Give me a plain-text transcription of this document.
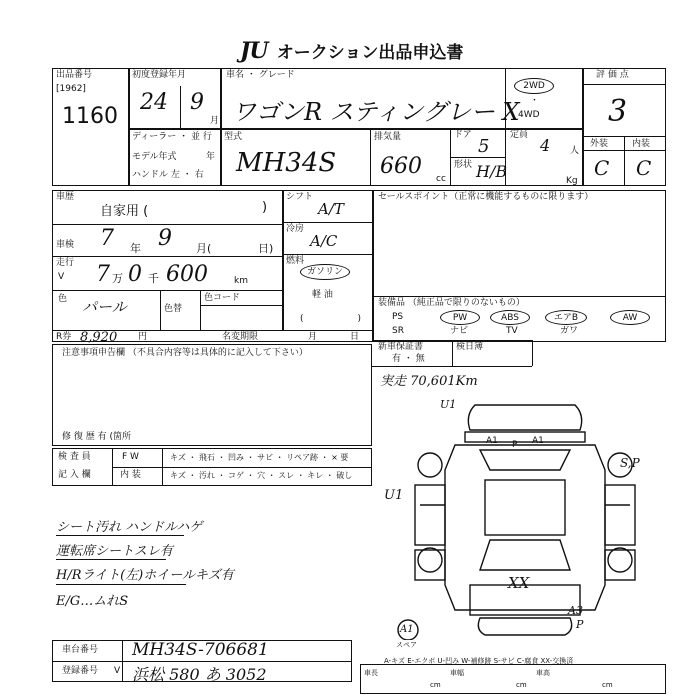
JU オークション出品申込書
出品番号
[1962]
1160
初度登録年月
24 9
月
車名 ・ グレード
ワゴンR スティングレー X
2WD
・
4WD
評 価 点
3
ディーラー ・ 並 行
モデル年式	年
ハンドル 左 ・ 右
型式
MH34S
排気量
660 cc
ドア
5
形状 H/B
定員
4 人
Kg
外装	内装
C C
車歴
自家用 (	)
シフト
A/T
セールスポイント（正常に機能するものに限ります）
車検 7 年 9 月(	日)
冷房
A/C
走行
V 7 万 0 千 600	km
燃料
ガソリン
軽 油
(　　　　　　)
色 パール	色替
色コード	装備品 （純正品で限りのないもの）
PS	PW	ABS	エアB	AW
SR	ナビ	TV	ガワ
R券 8,920 円	名変期限	月	日
新車保証書
有 ・ 無
検日簿
注意事項申告欄 （不具合内容等は具体的に記入して下さい）
修 復 歴 有 (箇所
実走 70,601Km
検 査 員
記 入 欄
F W
内 装
キズ ・ 飛石 ・ 凹み ・ サビ ・ リペア跡 ・ × 要
キズ ・ 汚れ ・ コゲ ・ 穴 ・ スレ ・ キレ ・ 破し
シート汚れ ハンドルハゲ
運転席シートスレ有
H/Rライト(左)ホイールキズ有
E/G…ムれS
A1 P A1
U1
U1
S,P
XX
A3
P
A1
スペア
車台番号 MH34S-706681
登録番号 V 浜松 580 あ 3052
A-キズ E-エクボ U-凹み W-補修跡 S-サビ C-腐食 XX-交換済
車長	車幅	車高
cm	cm	cm
